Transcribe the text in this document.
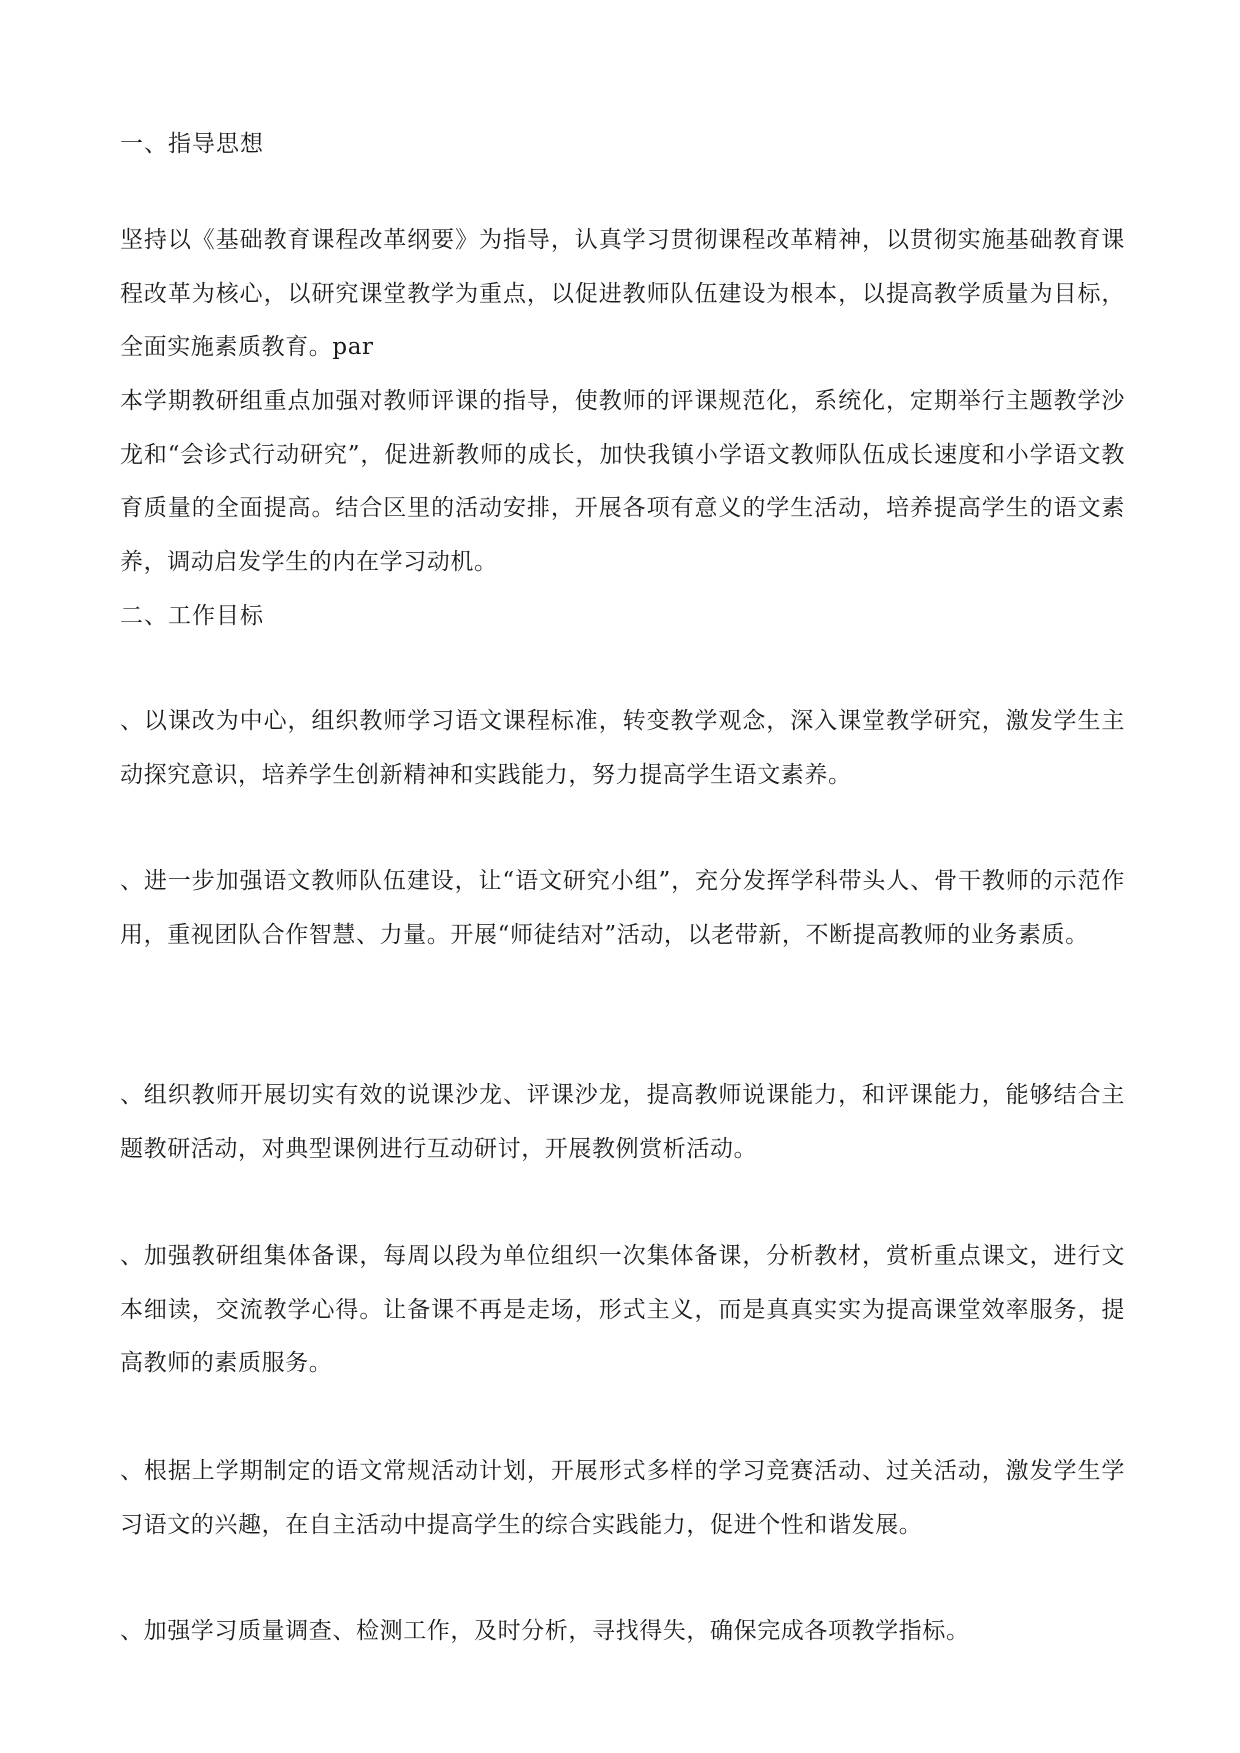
一、指导思想

坚持以《基础教育课程改革纲要》为指导，认真学习贯彻课程改革精神，以贯彻实施基础教育课程改革为核心，以研究课堂教学为重点，以促进教师队伍建设为根本，以提高教学质量为目标，全面实施素质教育。par

本学期教研组重点加强对教师评课的指导，使教师的评课规范化，系统化，定期举行主题教学沙龙和“会诊式行动研究”，促进新教师的成长，加快我镇小学语文教师队伍成长速度和小学语文教育质量的全面提高。结合区里的活动安排，开展各项有意义的学生活动，培养提高学生的语文素养，调动启发学生的内在学习动机。

二、工作目标

、以课改为中心，组织教师学习语文课程标准，转变教学观念，深入课堂教学研究，激发学生主动探究意识，培养学生创新精神和实践能力，努力提高学生语文素养。

、进一步加强语文教师队伍建设，让“语文研究小组”，充分发挥学科带头人、骨干教师的示范作用，重视团队合作智慧、力量。开展“师徒结对”活动，以老带新，不断提高教师的业务素质。

、组织教师开展切实有效的说课沙龙、评课沙龙，提高教师说课能力，和评课能力，能够结合主题教研活动，对典型课例进行互动研讨，开展教例赏析活动。

、加强教研组集体备课，每周以段为单位组织一次集体备课，分析教材，赏析重点课文，进行文本细读，交流教学心得。让备课不再是走场，形式主义，而是真真实实为提高课堂效率服务，提高教师的素质服务。

、根据上学期制定的语文常规活动计划，开展形式多样的学习竞赛活动、过关活动，激发学生学习语文的兴趣，在自主活动中提高学生的综合实践能力，促进个性和谐发展。

、加强学习质量调查、检测工作，及时分析，寻找得失，确保完成各项教学指标。
